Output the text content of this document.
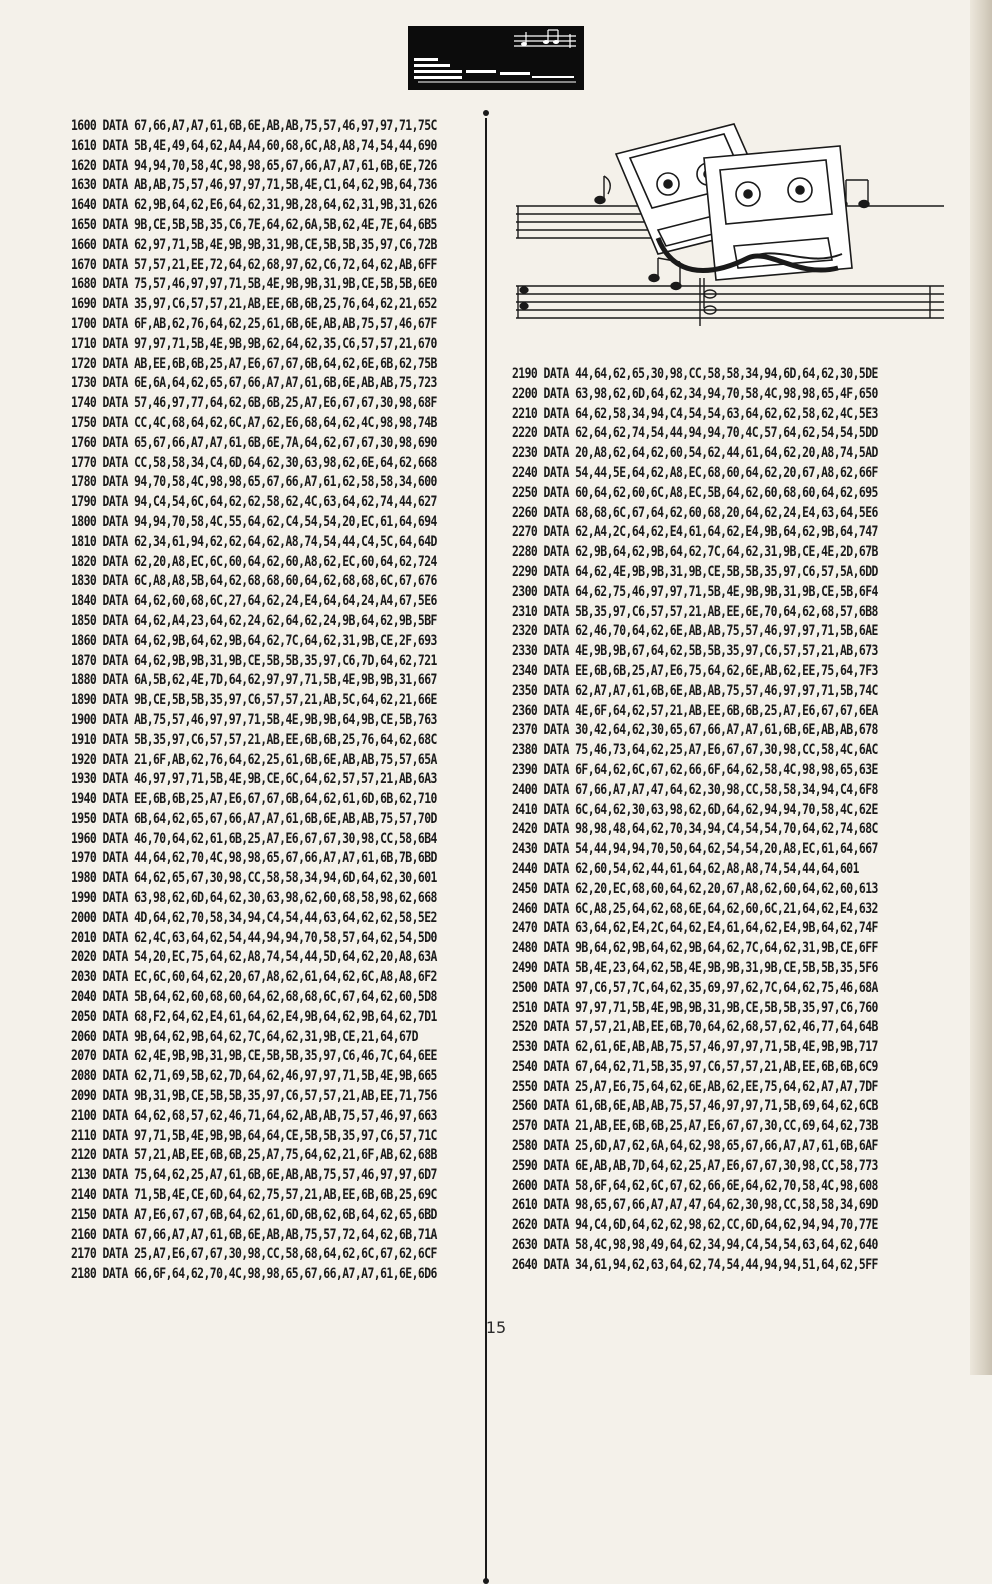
1600 DATA 67,66,A7,A7,61,6B,6E,AB,AB,75,57,46,97,97,71,75C
1610 DATA 5B,4E,49,64,62,A4,A4,60,68,6C,A8,A8,74,54,44,690
1620 DATA 94,94,70,58,4C,98,98,65,67,66,A7,A7,61,6B,6E,726
1630 DATA AB,AB,75,57,46,97,97,71,5B,4E,C1,64,62,9B,64,736
1640 DATA 62,9B,64,62,E6,64,62,31,9B,28,64,62,31,9B,31,626
1650 DATA 9B,CE,5B,5B,35,C6,7E,64,62,6A,5B,62,4E,7E,64,6B5
1660 DATA 62,97,71,5B,4E,9B,9B,31,9B,CE,5B,5B,35,97,C6,72B
1670 DATA 57,57,21,EE,72,64,62,68,97,62,C6,72,64,62,AB,6FF
1680 DATA 75,57,46,97,97,71,5B,4E,9B,9B,31,9B,CE,5B,5B,6E0
1690 DATA 35,97,C6,57,57,21,AB,EE,6B,6B,25,76,64,62,21,652
1700 DATA 6F,AB,62,76,64,62,25,61,6B,6E,AB,AB,75,57,46,67F
1710 DATA 97,97,71,5B,4E,9B,9B,62,64,62,35,C6,57,57,21,670
1720 DATA AB,EE,6B,6B,25,A7,E6,67,67,6B,64,62,6E,6B,62,75B
1730 DATA 6E,6A,64,62,65,67,66,A7,A7,61,6B,6E,AB,AB,75,723
1740 DATA 57,46,97,77,64,62,6B,6B,25,A7,E6,67,67,30,98,68F
1750 DATA CC,4C,68,64,62,6C,A7,62,E6,68,64,62,4C,98,98,74B
1760 DATA 65,67,66,A7,A7,61,6B,6E,7A,64,62,67,67,30,98,690
1770 DATA CC,58,58,34,C4,6D,64,62,30,63,98,62,6E,64,62,668
1780 DATA 94,70,58,4C,98,98,65,67,66,A7,61,62,58,58,34,600
1790 DATA 94,C4,54,6C,64,62,62,58,62,4C,63,64,62,74,44,627
1800 DATA 94,94,70,58,4C,55,64,62,C4,54,54,20,EC,61,64,694
1810 DATA 62,34,61,94,62,62,64,62,A8,74,54,44,C4,5C,64,64D
1820 DATA 62,20,A8,EC,6C,60,64,62,60,A8,62,EC,60,64,62,724
1830 DATA 6C,A8,A8,5B,64,62,68,68,60,64,62,68,68,6C,67,676
1840 DATA 64,62,60,68,6C,27,64,62,24,E4,64,64,24,A4,67,5E6
1850 DATA 64,62,A4,23,64,62,24,62,64,62,24,9B,64,62,9B,5BF
1860 DATA 64,62,9B,64,62,9B,64,62,7C,64,62,31,9B,CE,2F,693
1870 DATA 64,62,9B,9B,31,9B,CE,5B,5B,35,97,C6,7D,64,62,721
1880 DATA 6A,5B,62,4E,7D,64,62,97,97,71,5B,4E,9B,9B,31,667
1890 DATA 9B,CE,5B,5B,35,97,C6,57,57,21,AB,5C,64,62,21,66E
1900 DATA AB,75,57,46,97,97,71,5B,4E,9B,9B,64,9B,CE,5B,763
1910 DATA 5B,35,97,C6,57,57,21,AB,EE,6B,6B,25,76,64,62,68C
1920 DATA 21,6F,AB,62,76,64,62,25,61,6B,6E,AB,AB,75,57,65A
1930 DATA 46,97,97,71,5B,4E,9B,CE,6C,64,62,57,57,21,AB,6A3
1940 DATA EE,6B,6B,25,A7,E6,67,67,6B,64,62,61,6D,6B,62,710
1950 DATA 6B,64,62,65,67,66,A7,A7,61,6B,6E,AB,AB,75,57,70D
1960 DATA 46,70,64,62,61,6B,25,A7,E6,67,67,30,98,CC,58,6B4
1970 DATA 44,64,62,70,4C,98,98,65,67,66,A7,A7,61,6B,7B,6BD
1980 DATA 64,62,65,67,30,98,CC,58,58,34,94,6D,64,62,30,601
1990 DATA 63,98,62,6D,64,62,30,63,98,62,60,68,58,98,62,668
2000 DATA 4D,64,62,70,58,34,94,C4,54,44,63,64,62,62,58,5E2
2010 DATA 62,4C,63,64,62,54,44,94,94,70,58,57,64,62,54,5D0
2020 DATA 54,20,EC,75,64,62,A8,74,54,44,5D,64,62,20,A8,63A
2030 DATA EC,6C,60,64,62,20,67,A8,62,61,64,62,6C,A8,A8,6F2
2040 DATA 5B,64,62,60,68,60,64,62,68,68,6C,67,64,62,60,5D8
2050 DATA 68,F2,64,62,E4,61,64,62,E4,9B,64,62,9B,64,62,7D1
2060 DATA 9B,64,62,9B,64,62,7C,64,62,31,9B,CE,21,64,67D
2070 DATA 62,4E,9B,9B,31,9B,CE,5B,5B,35,97,C6,46,7C,64,6EE
2080 DATA 62,71,69,5B,62,7D,64,62,46,97,97,71,5B,4E,9B,665
2090 DATA 9B,31,9B,CE,5B,5B,35,97,C6,57,57,21,AB,EE,71,756
2100 DATA 64,62,68,57,62,46,71,64,62,AB,AB,75,57,46,97,663
2110 DATA 97,71,5B,4E,9B,9B,64,64,CE,5B,5B,35,97,C6,57,71C
2120 DATA 57,21,AB,EE,6B,6B,25,A7,75,64,62,21,6F,AB,62,68B
2130 DATA 75,64,62,25,A7,61,6B,6E,AB,AB,75,57,46,97,97,6D7
2140 DATA 71,5B,4E,CE,6D,64,62,75,57,21,AB,EE,6B,6B,25,69C
2150 DATA A7,E6,67,67,6B,64,62,61,6D,6B,62,6B,64,62,65,6BD
2160 DATA 67,66,A7,A7,61,6B,6E,AB,AB,75,57,72,64,62,6B,71A
2170 DATA 25,A7,E6,67,67,30,98,CC,58,68,64,62,6C,67,62,6CF
2180 DATA 66,6F,64,62,70,4C,98,98,65,67,66,A7,A7,61,6E,6D6
2190 DATA 44,64,62,65,30,98,CC,58,58,34,94,6D,64,62,30,5DE
2200 DATA 63,98,62,6D,64,62,34,94,70,58,4C,98,98,65,4F,650
2210 DATA 64,62,58,34,94,C4,54,54,63,64,62,62,58,62,4C,5E3
2220 DATA 62,64,62,74,54,44,94,94,70,4C,57,64,62,54,54,5DD
2230 DATA 20,A8,62,64,62,60,54,62,44,61,64,62,20,A8,74,5AD
2240 DATA 54,44,5E,64,62,A8,EC,68,60,64,62,20,67,A8,62,66F
2250 DATA 60,64,62,60,6C,A8,EC,5B,64,62,60,68,60,64,62,695
2260 DATA 68,68,6C,67,64,62,60,68,20,64,62,24,E4,63,64,5E6
2270 DATA 62,A4,2C,64,62,E4,61,64,62,E4,9B,64,62,9B,64,747
2280 DATA 62,9B,64,62,9B,64,62,7C,64,62,31,9B,CE,4E,2D,67B
2290 DATA 64,62,4E,9B,9B,31,9B,CE,5B,5B,35,97,C6,57,5A,6DD
2300 DATA 64,62,75,46,97,97,71,5B,4E,9B,9B,31,9B,CE,5B,6F4
2310 DATA 5B,35,97,C6,57,57,21,AB,EE,6E,70,64,62,68,57,6B8
2320 DATA 62,46,70,64,62,6E,AB,AB,75,57,46,97,97,71,5B,6AE
2330 DATA 4E,9B,9B,67,64,62,5B,5B,35,97,C6,57,57,21,AB,673
2340 DATA EE,6B,6B,25,A7,E6,75,64,62,6E,AB,62,EE,75,64,7F3
2350 DATA 62,A7,A7,61,6B,6E,AB,AB,75,57,46,97,97,71,5B,74C
2360 DATA 4E,6F,64,62,57,21,AB,EE,6B,6B,25,A7,E6,67,67,6EA
2370 DATA 30,42,64,62,30,65,67,66,A7,A7,61,6B,6E,AB,AB,678
2380 DATA 75,46,73,64,62,25,A7,E6,67,67,30,98,CC,58,4C,6AC
2390 DATA 6F,64,62,6C,67,62,66,6F,64,62,58,4C,98,98,65,63E
2400 DATA 67,66,A7,A7,47,64,62,30,98,CC,58,58,34,94,C4,6F8
2410 DATA 6C,64,62,30,63,98,62,6D,64,62,94,94,70,58,4C,62E
2420 DATA 98,98,48,64,62,70,34,94,C4,54,54,70,64,62,74,68C
2430 DATA 54,44,94,94,70,50,64,62,54,54,20,A8,EC,61,64,667
2440 DATA 62,60,54,62,44,61,64,62,A8,A8,74,54,44,64,601
2450 DATA 62,20,EC,68,60,64,62,20,67,A8,62,60,64,62,60,613
2460 DATA 6C,A8,25,64,62,68,6E,64,62,60,6C,21,64,62,E4,632
2470 DATA 63,64,62,E4,2C,64,62,E4,61,64,62,E4,9B,64,62,74F
2480 DATA 9B,64,62,9B,64,62,9B,64,62,7C,64,62,31,9B,CE,6FF
2490 DATA 5B,4E,23,64,62,5B,4E,9B,9B,31,9B,CE,5B,5B,35,5F6
2500 DATA 97,C6,57,7C,64,62,35,69,97,62,7C,64,62,75,46,68A
2510 DATA 97,97,71,5B,4E,9B,9B,31,9B,CE,5B,5B,35,97,C6,760
2520 DATA 57,57,21,AB,EE,6B,70,64,62,68,57,62,46,77,64,64B
2530 DATA 62,61,6E,AB,AB,75,57,46,97,97,71,5B,4E,9B,9B,717
2540 DATA 67,64,62,71,5B,35,97,C6,57,57,21,AB,EE,6B,6B,6C9
2550 DATA 25,A7,E6,75,64,62,6E,AB,62,EE,75,64,62,A7,A7,7DF
2560 DATA 61,6B,6E,AB,AB,75,57,46,97,97,71,5B,69,64,62,6CB
2570 DATA 21,AB,EE,6B,6B,25,A7,E6,67,67,30,CC,69,64,62,73B
2580 DATA 25,6D,A7,62,6A,64,62,98,65,67,66,A7,A7,61,6B,6AF
2590 DATA 6E,AB,AB,7D,64,62,25,A7,E6,67,67,30,98,CC,58,773
2600 DATA 58,6F,64,62,6C,67,62,66,6E,64,62,70,58,4C,98,608
2610 DATA 98,65,67,66,A7,A7,47,64,62,30,98,CC,58,58,34,69D
2620 DATA 94,C4,6D,64,62,62,98,62,CC,6D,64,62,94,94,70,77E
2630 DATA 58,4C,98,98,49,64,62,34,94,C4,54,54,63,64,62,640
2640 DATA 34,61,94,62,63,64,62,74,54,44,94,94,51,64,62,5FF
15
